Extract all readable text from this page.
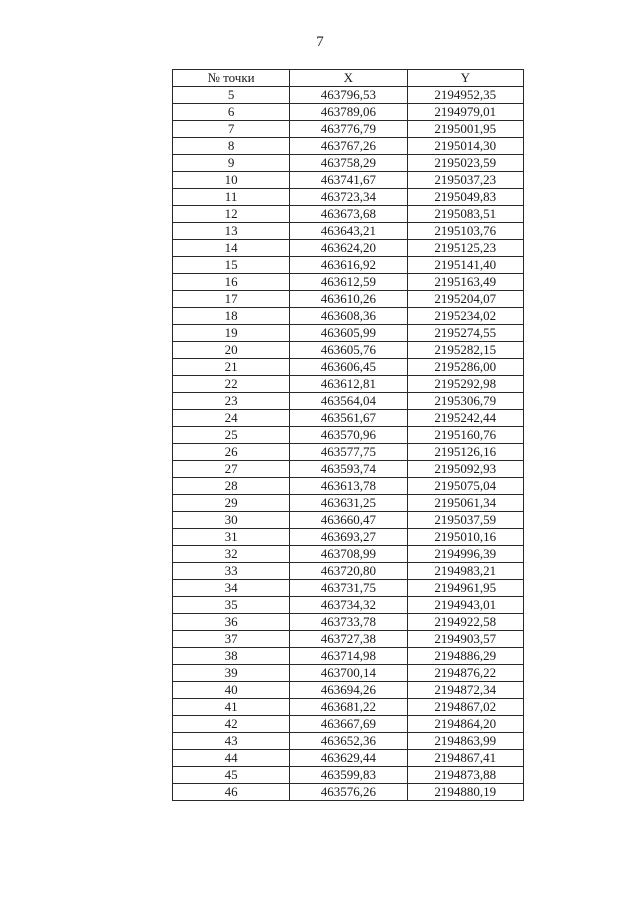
7
№ точки	X	Y
5	463796,53	2194952,35
6	463789,06	2194979,01
7	463776,79	2195001,95
8	463767,26	2195014,30
9	463758,29	2195023,59
10	463741,67	2195037,23
11	463723,34	2195049,83
12	463673,68	2195083,51
13	463643,21	2195103,76
14	463624,20	2195125,23
15	463616,92	2195141,40
16	463612,59	2195163,49
17	463610,26	2195204,07
18	463608,36	2195234,02
19	463605,99	2195274,55
20	463605,76	2195282,15
21	463606,45	2195286,00
22	463612,81	2195292,98
23	463564,04	2195306,79
24	463561,67	2195242,44
25	463570,96	2195160,76
26	463577,75	2195126,16
27	463593,74	2195092,93
28	463613,78	2195075,04
29	463631,25	2195061,34
30	463660,47	2195037,59
31	463693,27	2195010,16
32	463708,99	2194996,39
33	463720,80	2194983,21
34	463731,75	2194961,95
35	463734,32	2194943,01
36	463733,78	2194922,58
37	463727,38	2194903,57
38	463714,98	2194886,29
39	463700,14	2194876,22
40	463694,26	2194872,34
41	463681,22	2194867,02
42	463667,69	2194864,20
43	463652,36	2194863,99
44	463629,44	2194867,41
45	463599,83	2194873,88
46	463576,26	2194880,19
